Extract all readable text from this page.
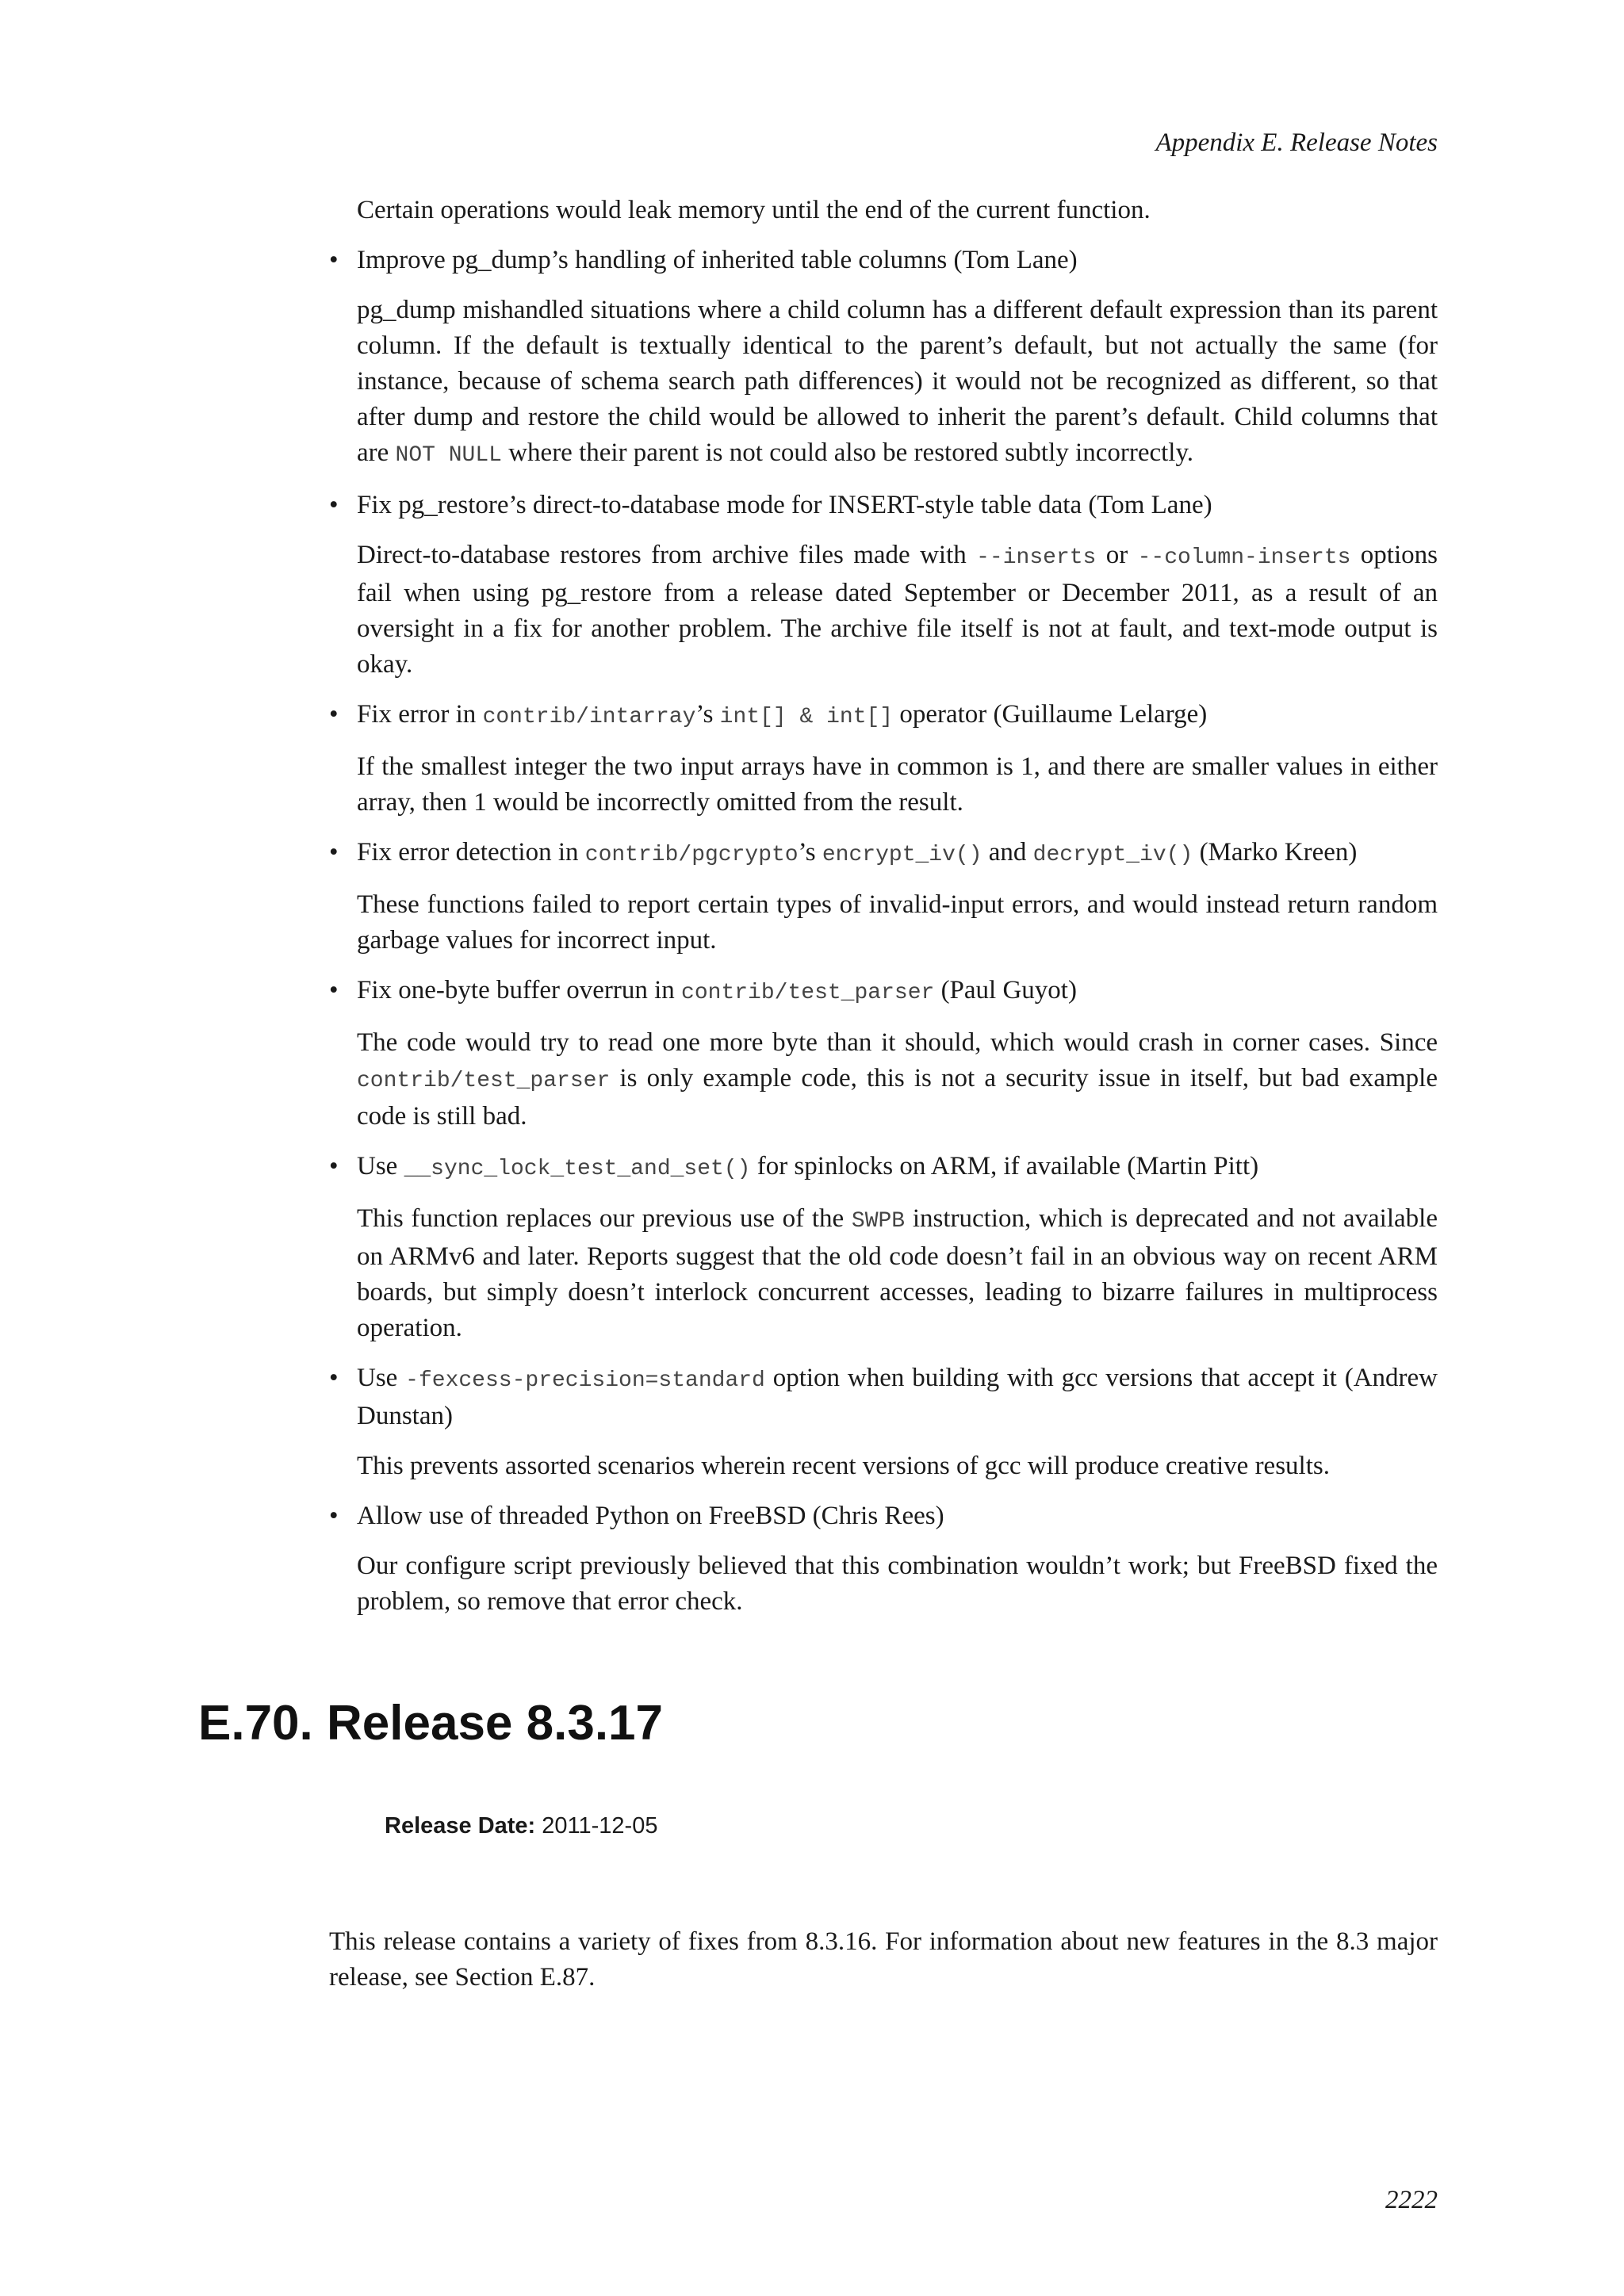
Appendix E. Release Notes

Certain operations would leak memory until the end of the current function.

• Improve pg_dump’s handling of inherited table columns (Tom Lane)

pg_dump mishandled situations where a child column has a different default expression than its parent column. If the default is textually identical to the parent’s default, but not actually the same (for instance, because of schema search path differences) it would not be recognized as different, so that after dump and restore the child would be allowed to inherit the parent’s default. Child columns that are NOT NULL where their parent is not could also be restored subtly incorrectly.

• Fix pg_restore’s direct-to-database mode for INSERT-style table data (Tom Lane)

Direct-to-database restores from archive files made with --inserts or --column-inserts options fail when using pg_restore from a release dated September or December 2011, as a result of an oversight in a fix for another problem. The archive file itself is not at fault, and text-mode output is okay.

• Fix error in contrib/intarray’s int[] & int[] operator (Guillaume Lelarge)

If the smallest integer the two input arrays have in common is 1, and there are smaller values in either array, then 1 would be incorrectly omitted from the result.

• Fix error detection in contrib/pgcrypto’s encrypt_iv() and decrypt_iv() (Marko Kreen)

These functions failed to report certain types of invalid-input errors, and would instead return random garbage values for incorrect input.

• Fix one-byte buffer overrun in contrib/test_parser (Paul Guyot)

The code would try to read one more byte than it should, which would crash in corner cases. Since contrib/test_parser is only example code, this is not a security issue in itself, but bad example code is still bad.

• Use __sync_lock_test_and_set() for spinlocks on ARM, if available (Martin Pitt)

This function replaces our previous use of the SWPB instruction, which is deprecated and not available on ARMv6 and later. Reports suggest that the old code doesn’t fail in an obvious way on recent ARM boards, but simply doesn’t interlock concurrent accesses, leading to bizarre failures in multiprocess operation.

• Use -fexcess-precision=standard option when building with gcc versions that accept it (Andrew Dunstan)

This prevents assorted scenarios wherein recent versions of gcc will produce creative results.

• Allow use of threaded Python on FreeBSD (Chris Rees)

Our configure script previously believed that this combination wouldn’t work; but FreeBSD fixed the problem, so remove that error check.

E.70. Release 8.3.17
Release Date: 2011-12-05

This release contains a variety of fixes from 8.3.16. For information about new features in the 8.3 major release, see Section E.87.

2222
